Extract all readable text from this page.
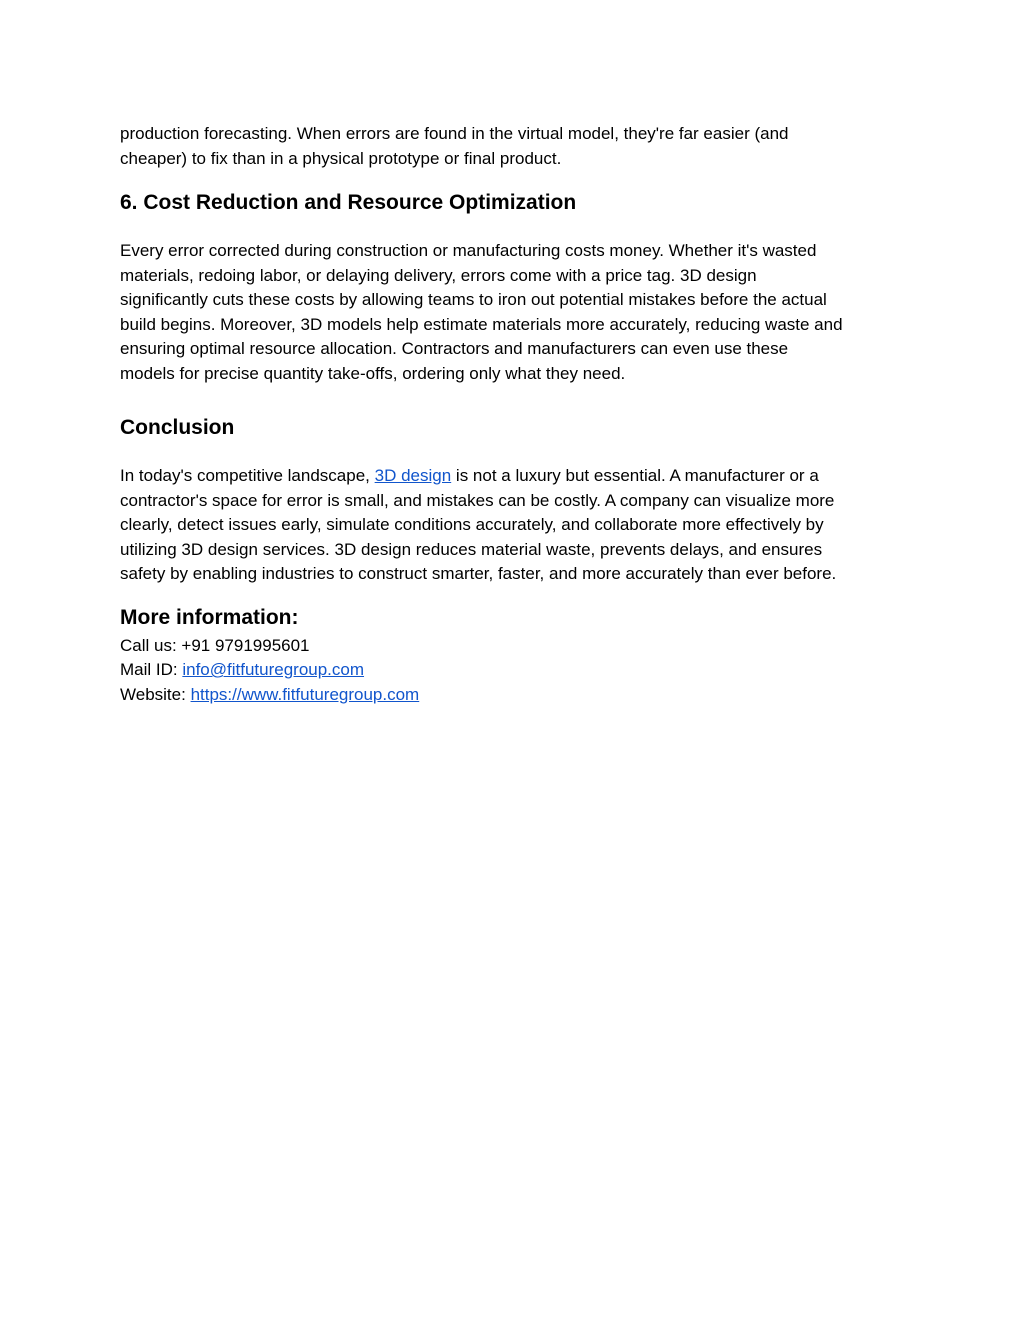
production forecasting. When errors are found in the virtual model, they're far easier (and
cheaper) to fix than in a physical prototype or final product.

6. Cost Reduction and Resource Optimization

Every error corrected during construction or manufacturing costs money. Whether it's wasted
materials, redoing labor, or delaying delivery, errors come with a price tag. 3D design
significantly cuts these costs by allowing teams to iron out potential mistakes before the actual
build begins. Moreover, 3D models help estimate materials more accurately, reducing waste and
ensuring optimal resource allocation. Contractors and manufacturers can even use these
models for precise quantity take-offs, ordering only what they need.

Conclusion

In today's competitive landscape, 3D design is not a luxury but essential. A manufacturer or a
contractor's space for error is small, and mistakes can be costly. A company can visualize more
clearly, detect issues early, simulate conditions accurately, and collaborate more effectively by
utilizing 3D design services. 3D design reduces material waste, prevents delays, and ensures
safety by enabling industries to construct smarter, faster, and more accurately than ever before.

More information:

Call us: +91 9791995601
Mail ID: info@fitfuturegroup.com
Website: https://www.fitfuturegroup.com
